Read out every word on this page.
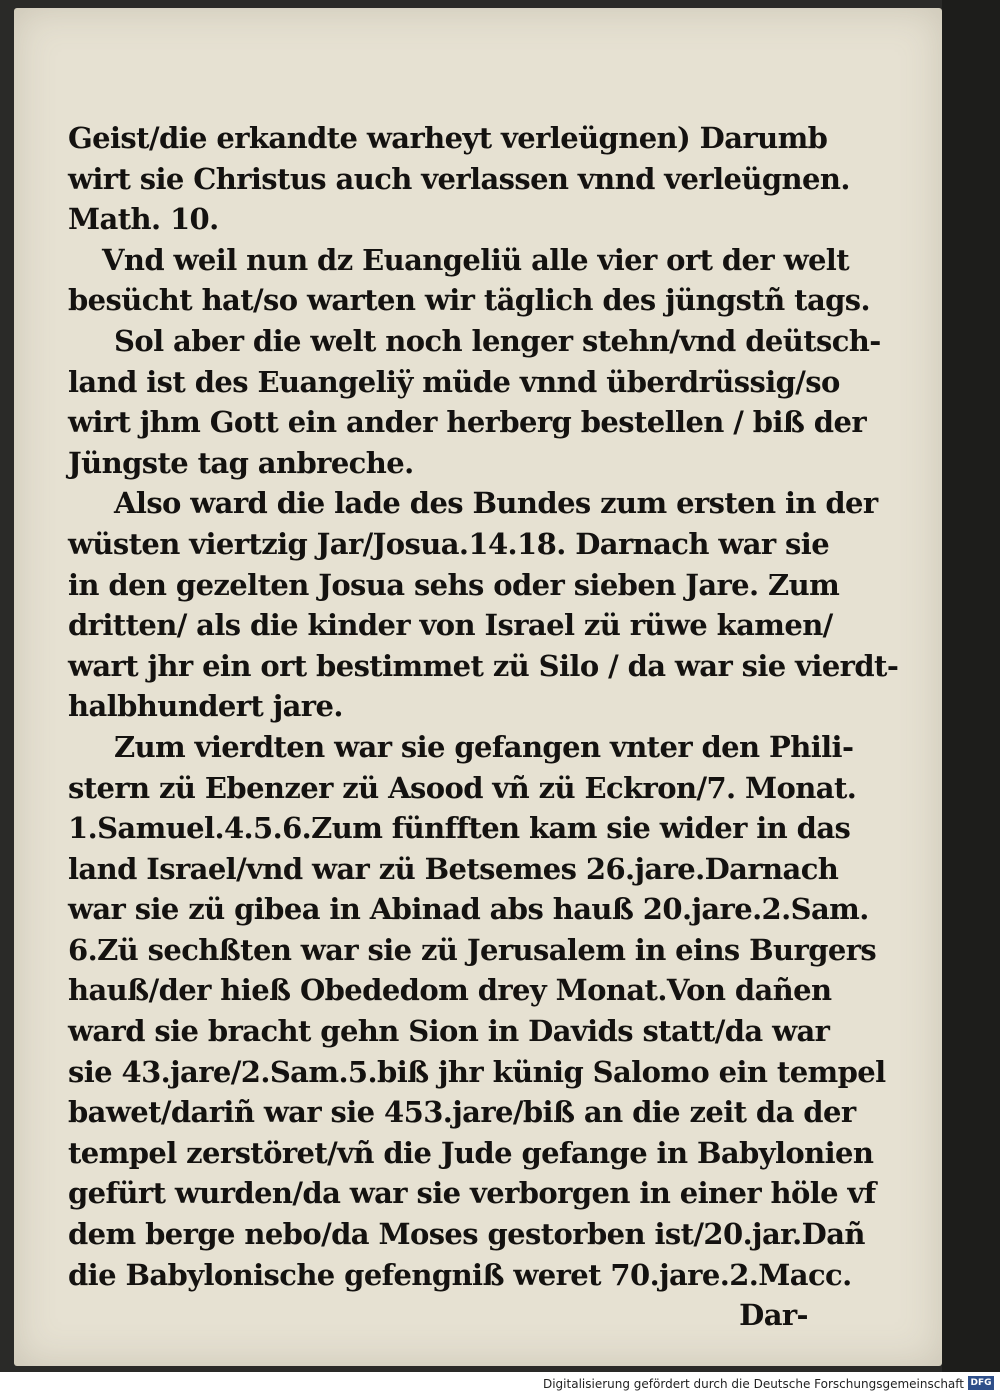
Geist/die erkandte warheyt verleügnen) Darumb
wirt sie Christus auch verlassen vnnd verleügnen.
Math. 10.
Vnd weil nun dz Euangeliü alle vier ort der welt
besücht hat/so warten wir täglich des jüngstñ tags.
Sol aber die welt noch lenger stehn/vnd deütsch-
land ist des Euangeliÿ müde vnnd überdrüssig/so
wirt jhm Gott ein ander herberg bestellen / biß der
Jüngste tag anbreche.
Also ward die lade des Bundes zum ersten in der
wüsten viertzig Jar/Josua.14.18. Darnach war sie
in den gezelten Josua sehs oder sieben Jare. Zum
dritten/ als die kinder von Israel zü rüwe kamen/
wart jhr ein ort bestimmet zü Silo / da war sie vierdt-
halbhundert jare.
Zum vierdten war sie gefangen vnter den Phili-
stern zü Ebenzer zü Asood vñ zü Eckron/7. Monat.
1.Samuel.4.5.6.Zum fünfften kam sie wider in das
land Israel/vnd war zü Betsemes 26.jare.Darnach
war sie zü gibea in Abinad abs hauß 20.jare.2.Sam.
6.Zü sechßten war sie zü Jerusalem in eins Burgers
hauß/der hieß Obededom drey Monat.Von dañen
ward sie bracht gehn Sion in Davids statt/da war
sie 43.jare/2.Sam.5.biß jhr künig Salomo ein tempel
bawet/dariñ war sie 453.jare/biß an die zeit da der
tempel zerstöret/vñ die Jude gefange in Babylonien
gefürt wurden/da war sie verborgen in einer höle vf
dem berge nebo/da Moses gestorben ist/20.jar.Dañ
die Babylonische gefengniß weret 70.jare.2.Macc.
Dar-
Digitalisierung gefördert durch die Deutsche Forschungsgemeinschaft DFG
